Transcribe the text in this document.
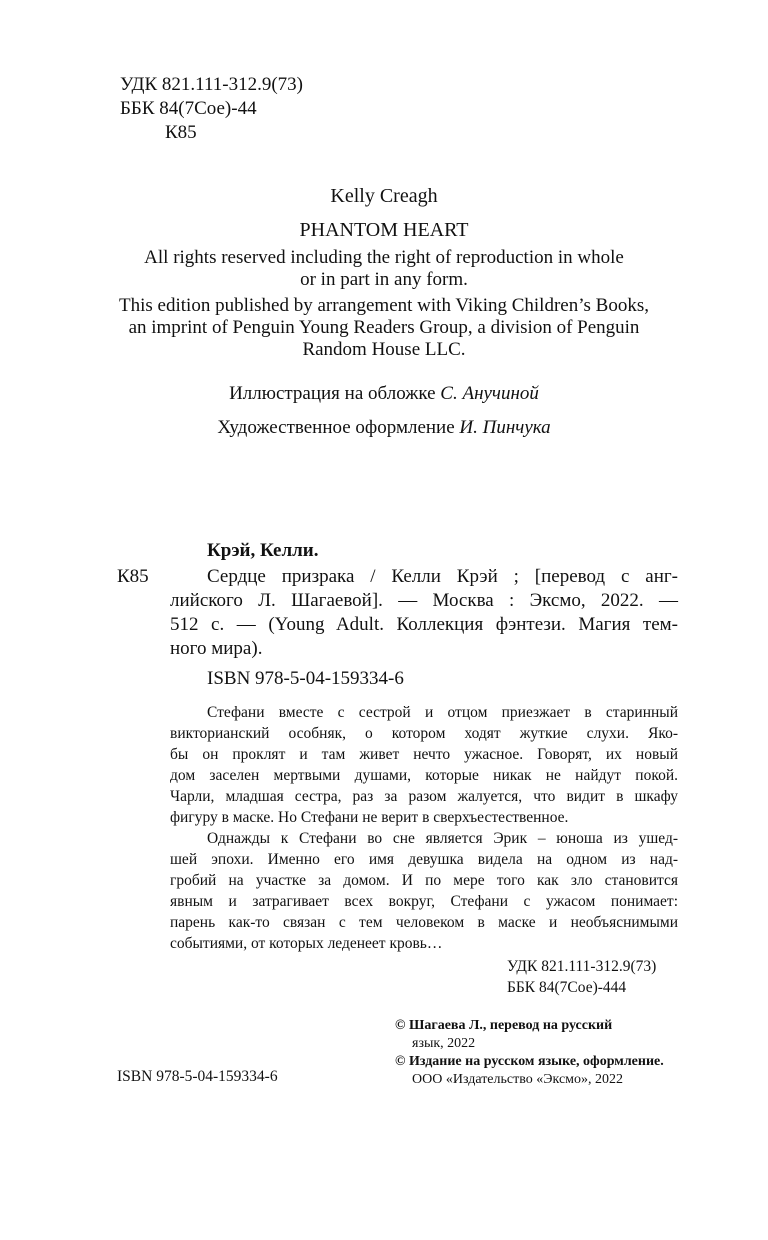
УДК 821.111-312.9(73)
ББК 84(7Сое)-44
К85
Kelly Creagh
PHANTOM HEART
All rights reserved including the right of reproduction in whole
or in part in any form.
This edition published by arrangement with Viking Children’s Books,
an imprint of Penguin Young Readers Group, a division of Penguin
Random House LLC.
Иллюстрация на обложке С. Анучиной
Художественное оформление И. Пинчука
Крэй, Келли.
К85	Сердце призрака / Келли Крэй ; [перевод с анг-
лийского Л. Шагаевой]. — Москва : Эксмо, 2022. —
512 с. — (Young Adult. Коллекция фэнтези. Магия тем-
ного мира).
ISBN 978-5-04-159334-6
Стефани вместе с сестрой и отцом приезжает в старинный
викторианский особняк, о котором ходят жуткие слухи. Яко-
бы он проклят и там живет нечто ужасное. Говорят, их новый
дом заселен мертвыми душами, которые никак не найдут покой.
Чарли, младшая сестра, раз за разом жалуется, что видит в шкафу
фигуру в маске. Но Стефани не верит в сверхъестественное.
Однажды к Стефани во сне является Эрик – юноша из ушед-
шей эпохи. Именно его имя девушка видела на одном из над-
гробий на участке за домом. И по мере того как зло становится
явным и затрагивает всех вокруг, Стефани с ужасом понимает:
парень как-то связан с тем человеком в маске и необъяснимыми
событиями, от которых леденеет кровь…
УДК 821.111-312.9(73)
ББК 84(7Сое)-444
© Шагаева Л., перевод на русский
язык, 2022
© Издание на русском языке, оформление.
ООО «Издательство «Эксмо», 2022
ISBN 978-5-04-159334-6
